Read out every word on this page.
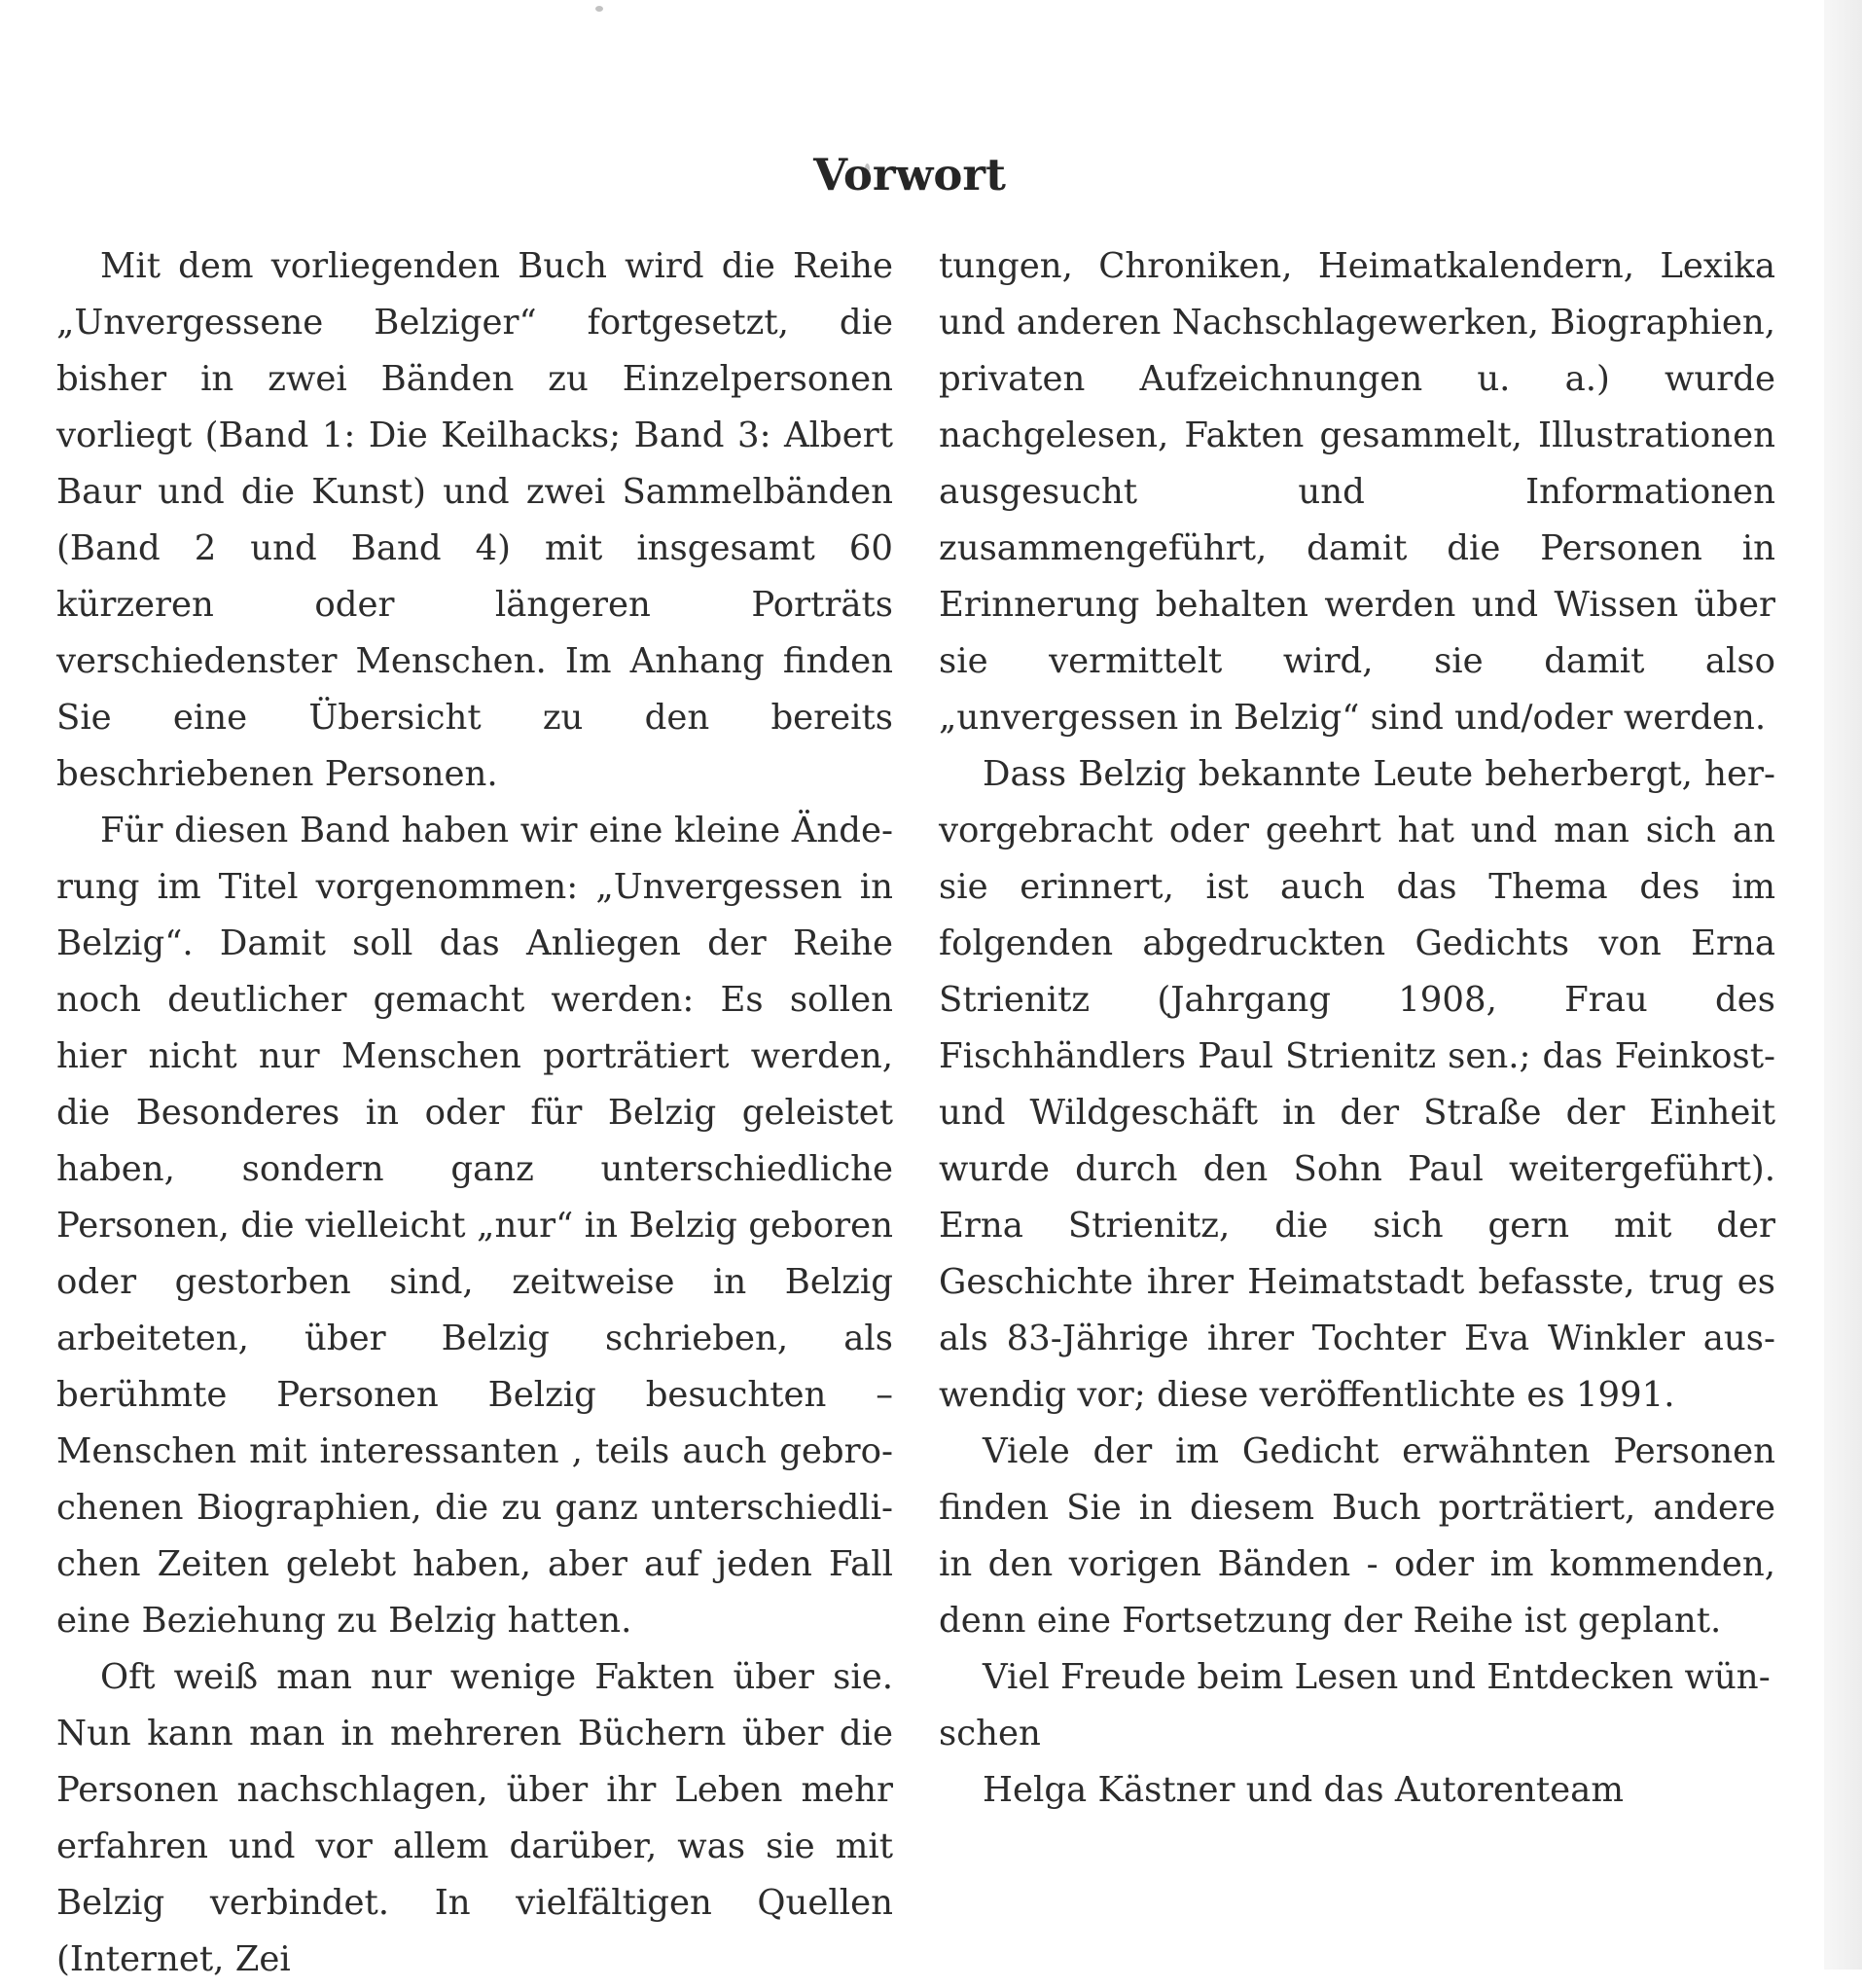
Vorwort

Mit dem vorliegenden Buch wird die Reihe „Unvergessene Belziger“ fortgesetzt, die bisher in zwei Bänden zu Einzelpersonen vorliegt (Band 1: Die Keilhacks; Band 3: Albert Baur und die Kunst) und zwei Sammelbänden (Band 2 und Band 4) mit insgesamt 60 kürzeren oder längeren Porträts verschiedenster Menschen. Im Anhang finden Sie eine Übersicht zu den bereits beschriebenen Personen.

Für diesen Band haben wir eine kleine Änderung im Titel vorgenommen: „Unvergessen in Belzig“. Damit soll das Anliegen der Reihe noch deutlicher gemacht werden: Es sollen hier nicht nur Menschen porträtiert werden, die Besonderes in oder für Belzig geleistet haben, sondern ganz unterschiedliche Personen, die vielleicht „nur“ in Belzig geboren oder gestorben sind, zeitweise in Belzig arbeiteten, über Belzig schrieben, als berühmte Personen Belzig besuchten – Menschen mit interessanten , teils auch gebrochenen Biographien, die zu ganz unterschiedlichen Zeiten gelebt haben, aber auf jeden Fall eine Beziehung zu Belzig hatten.

Oft weiß man nur wenige Fakten über sie. Nun kann man in mehreren Büchern über die Personen nachschlagen, über ihr Leben mehr erfahren und vor allem darüber, was sie mit Belzig verbindet. In vielfältigen Quellen (Internet, Zei

tungen, Chroniken, Heimatkalendern, Lexika und anderen Nachschlagewerken, Biographien, privaten Aufzeichnungen u. a.) wurde nachgelesen, Fakten gesammelt, Illustrationen ausgesucht und Informationen zusammengeführt, damit die Personen in Erinnerung behalten werden und Wissen über sie vermittelt wird, sie damit also „unvergessen in Belzig“ sind und/oder werden.

Dass Belzig bekannte Leute beherbergt, hervorgebracht oder geehrt hat und man sich an sie erinnert, ist auch das Thema des im folgenden abgedruckten Gedichts von Erna Strienitz (Jahrgang 1908, Frau des Fischhändlers Paul Strienitz sen.; das Feinkost- und Wildgeschäft in der Straße der Einheit wurde durch den Sohn Paul weitergeführt). Erna Strienitz, die sich gern mit der Geschichte ihrer Heimatstadt befasste, trug es als 83-Jährige ihrer Tochter Eva Winkler auswendig vor; diese veröffentlichte es 1991.

Viele der im Gedicht erwähnten Personen finden Sie in diesem Buch porträtiert, andere in den vorigen Bänden - oder im kommenden, denn eine Fortsetzung der Reihe ist geplant.

Viel Freude beim Lesen und Entdecken wünschen

Helga Kästner und das Autorenteam
